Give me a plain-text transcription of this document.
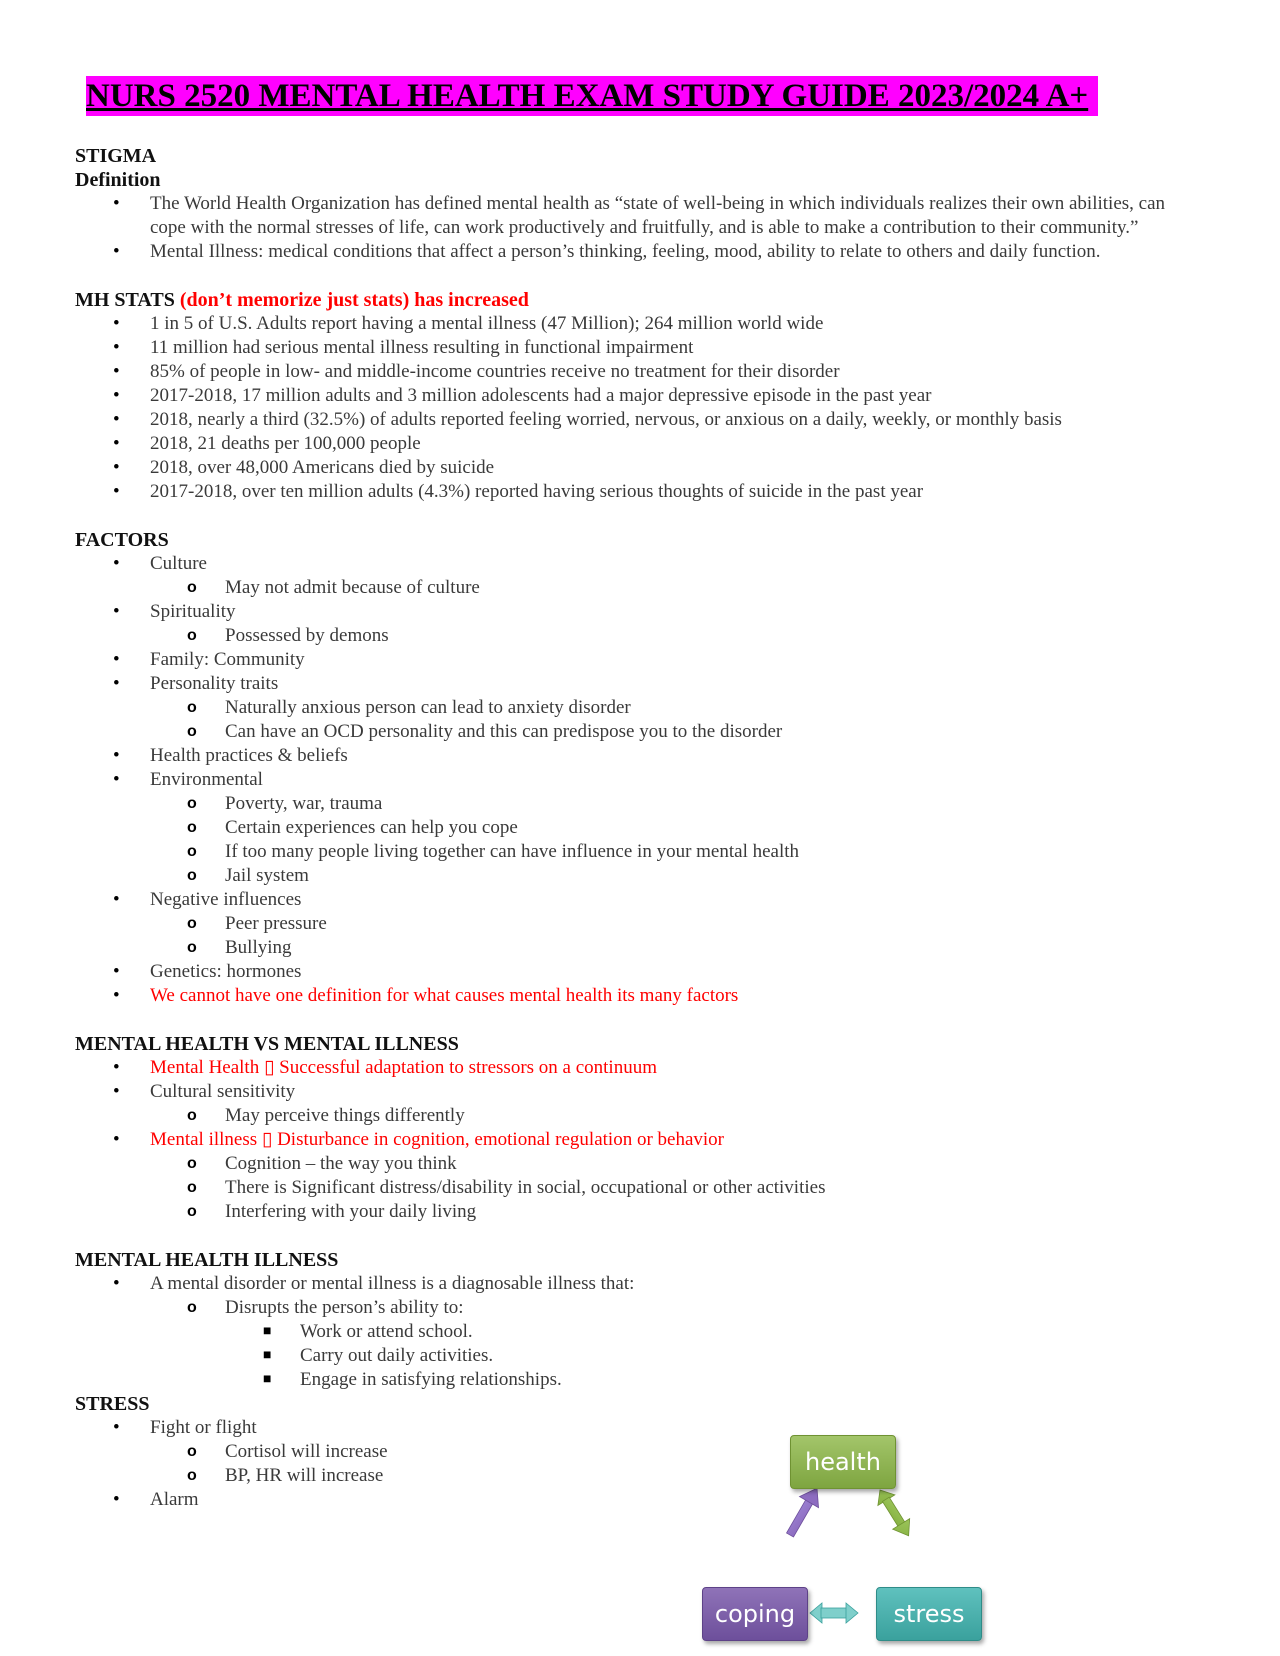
NURS 2520 MENTAL HEALTH EXAM STUDY GUIDE 2023/2024 A+
STIGMA
Definition
• The World Health Organization has defined mental health as “state of well-being in which individuals realizes their own abilities, can cope with the normal stresses of life, can work productively and fruitfully, and is able to make a contribution to their community.”
• Mental Illness: medical conditions that affect a person’s thinking, feeling, mood, ability to relate to others and daily function.
MH STATS (don’t memorize just stats) has increased
• 1 in 5 of U.S. Adults report having a mental illness (47 Million); 264 million world wide
• 11 million had serious mental illness resulting in functional impairment
• 85% of people in low- and middle-income countries receive no treatment for their disorder
• 2017-2018, 17 million adults and 3 million adolescents had a major depressive episode in the past year
• 2018, nearly a third (32.5%) of adults reported feeling worried, nervous, or anxious on a daily, weekly, or monthly basis
• 2018, 21 deaths per 100,000 people
• 2018, over 48,000 Americans died by suicide
• 2017-2018, over ten million adults (4.3%) reported having serious thoughts of suicide in the past year
FACTORS
• Culture
o May not admit because of culture
• Spirituality
o Possessed by demons
• Family: Community
• Personality traits
o Naturally anxious person can lead to anxiety disorder
o Can have an OCD personality and this can predispose you to the disorder
• Health practices & beliefs
• Environmental
o Poverty, war, trauma
o Certain experiences can help you cope
o If too many people living together can have influence in your mental health
o Jail system
• Negative influences
o Peer pressure
o Bullying
• Genetics: hormones
• We cannot have one definition for what causes mental health its many factors
MENTAL HEALTH VS MENTAL ILLNESS
• Mental Health ▯ Successful adaptation to stressors on a continuum
• Cultural sensitivity
o May perceive things differently
• Mental illness ▯ Disturbance in cognition, emotional regulation or behavior
o Cognition – the way you think
o There is Significant distress/disability in social, occupational or other activities
o Interfering with your daily living
MENTAL HEALTH ILLNESS
• A mental disorder or mental illness is a diagnosable illness that:
o Disrupts the person’s ability to:
■ Work or attend school.
■ Carry out daily activities.
■ Engage in satisfying relationships.
STRESS
• Fight or flight
o Cortisol will increase
o BP, HR will increase
• Alarm
health
coping	stress
